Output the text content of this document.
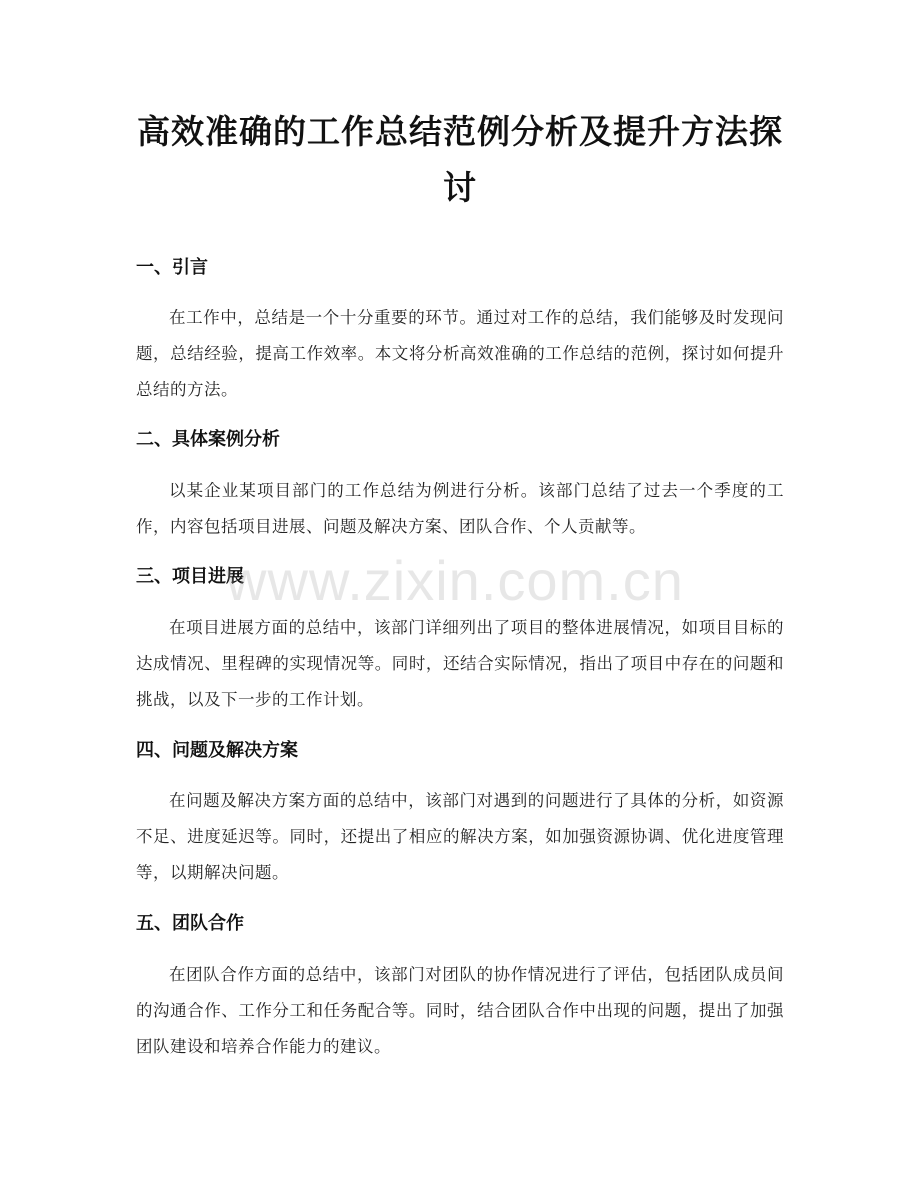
高效准确的工作总结范例分析及提升方法探讨
一、引言
在工作中，总结是一个十分重要的环节。通过对工作的总结，我们能够及时发现问题，总结经验，提高工作效率。本文将分析高效准确的工作总结的范例，探讨如何提升总结的方法。
二、具体案例分析
以某企业某项目部门的工作总结为例进行分析。该部门总结了过去一个季度的工作，内容包括项目进展、问题及解决方案、团队合作、个人贡献等。
三、项目进展
在项目进展方面的总结中，该部门详细列出了项目的整体进展情况，如项目目标的达成情况、里程碑的实现情况等。同时，还结合实际情况，指出了项目中存在的问题和挑战，以及下一步的工作计划。
四、问题及解决方案
在问题及解决方案方面的总结中，该部门对遇到的问题进行了具体的分析，如资源不足、进度延迟等。同时，还提出了相应的解决方案，如加强资源协调、优化进度管理等，以期解决问题。
五、团队合作
在团队合作方面的总结中，该部门对团队的协作情况进行了评估，包括团队成员间的沟通合作、工作分工和任务配合等。同时，结合团队合作中出现的问题，提出了加强团队建设和培养合作能力的建议。
www.zixin.com.cn
